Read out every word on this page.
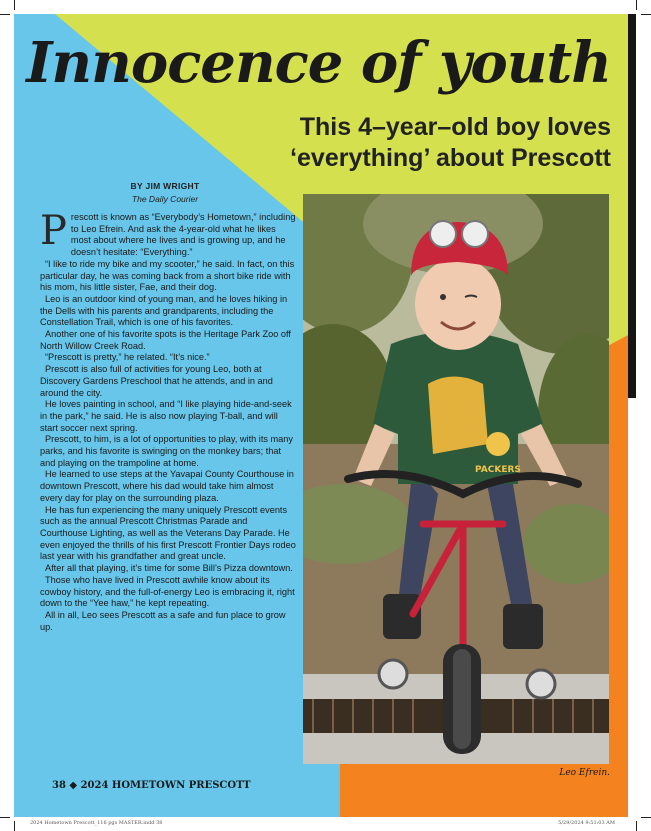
Innocence of youth
This 4–year–old boy loves ‘everything’ about Prescott
BY JIM WRIGHT
The Daily Courier

Prescott is known as “Everybody’s Hometown,” including to Leo Efrein. And ask the 4-year-old what he likes most about where he lives and is growing up, and he doesn’t hesitate: “Everything.”

“I like to ride my bike and my scooter,” he said. In fact, on this particular day, he was coming back from a short bike ride with his mom, his little sister, Fae, and their dog.

Leo is an outdoor kind of young man, and he loves hiking in the Dells with his parents and grandparents, including the Constellation Trail, which is one of his favorites.

Another one of his favorite spots is the Heritage Park Zoo off North Willow Creek Road.

“Prescott is pretty,” he related. “It’s nice.”

Prescott is also full of activities for young Leo, both at Discovery Gardens Preschool that he attends, and in and around the city.

He loves painting in school, and “I like playing hide-and-seek in the park,” he said. He is also now playing T-ball, and will start soccer next spring.

Prescott, to him, is a lot of opportunities to play, with its many parks, and his favorite is swinging on the monkey bars; that and playing on the trampoline at home.

He learned to use steps at the Yavapai County Courthouse in downtown Prescott, where his dad would take him almost every day for play on the surrounding plaza.

He has fun experiencing the many uniquely Prescott events such as the annual Prescott Christmas Parade and Courthouse Lighting, as well as the Veterans Day Parade. He even enjoyed the thrills of his first Prescott Frontier Days rodeo last year with his grandfather and great uncle.

After all that playing, it’s time for some Bill’s Pizza downtown.

Those who have lived in Prescott awhile know about its cowboy history, and the full-of-energy Leo is embracing it, right down to the “Yee haw,” he kept repeating.

All in all, Leo sees Prescott as a safe and fun place to grow up.

PACKERS
Leo Efrein.
38 ◆ 2024 HOMETOWN PRESCOTT
2024 Hometown Prescott_116 pgs MASTER.indd 38	5/29/2024 9:51:03 AM
